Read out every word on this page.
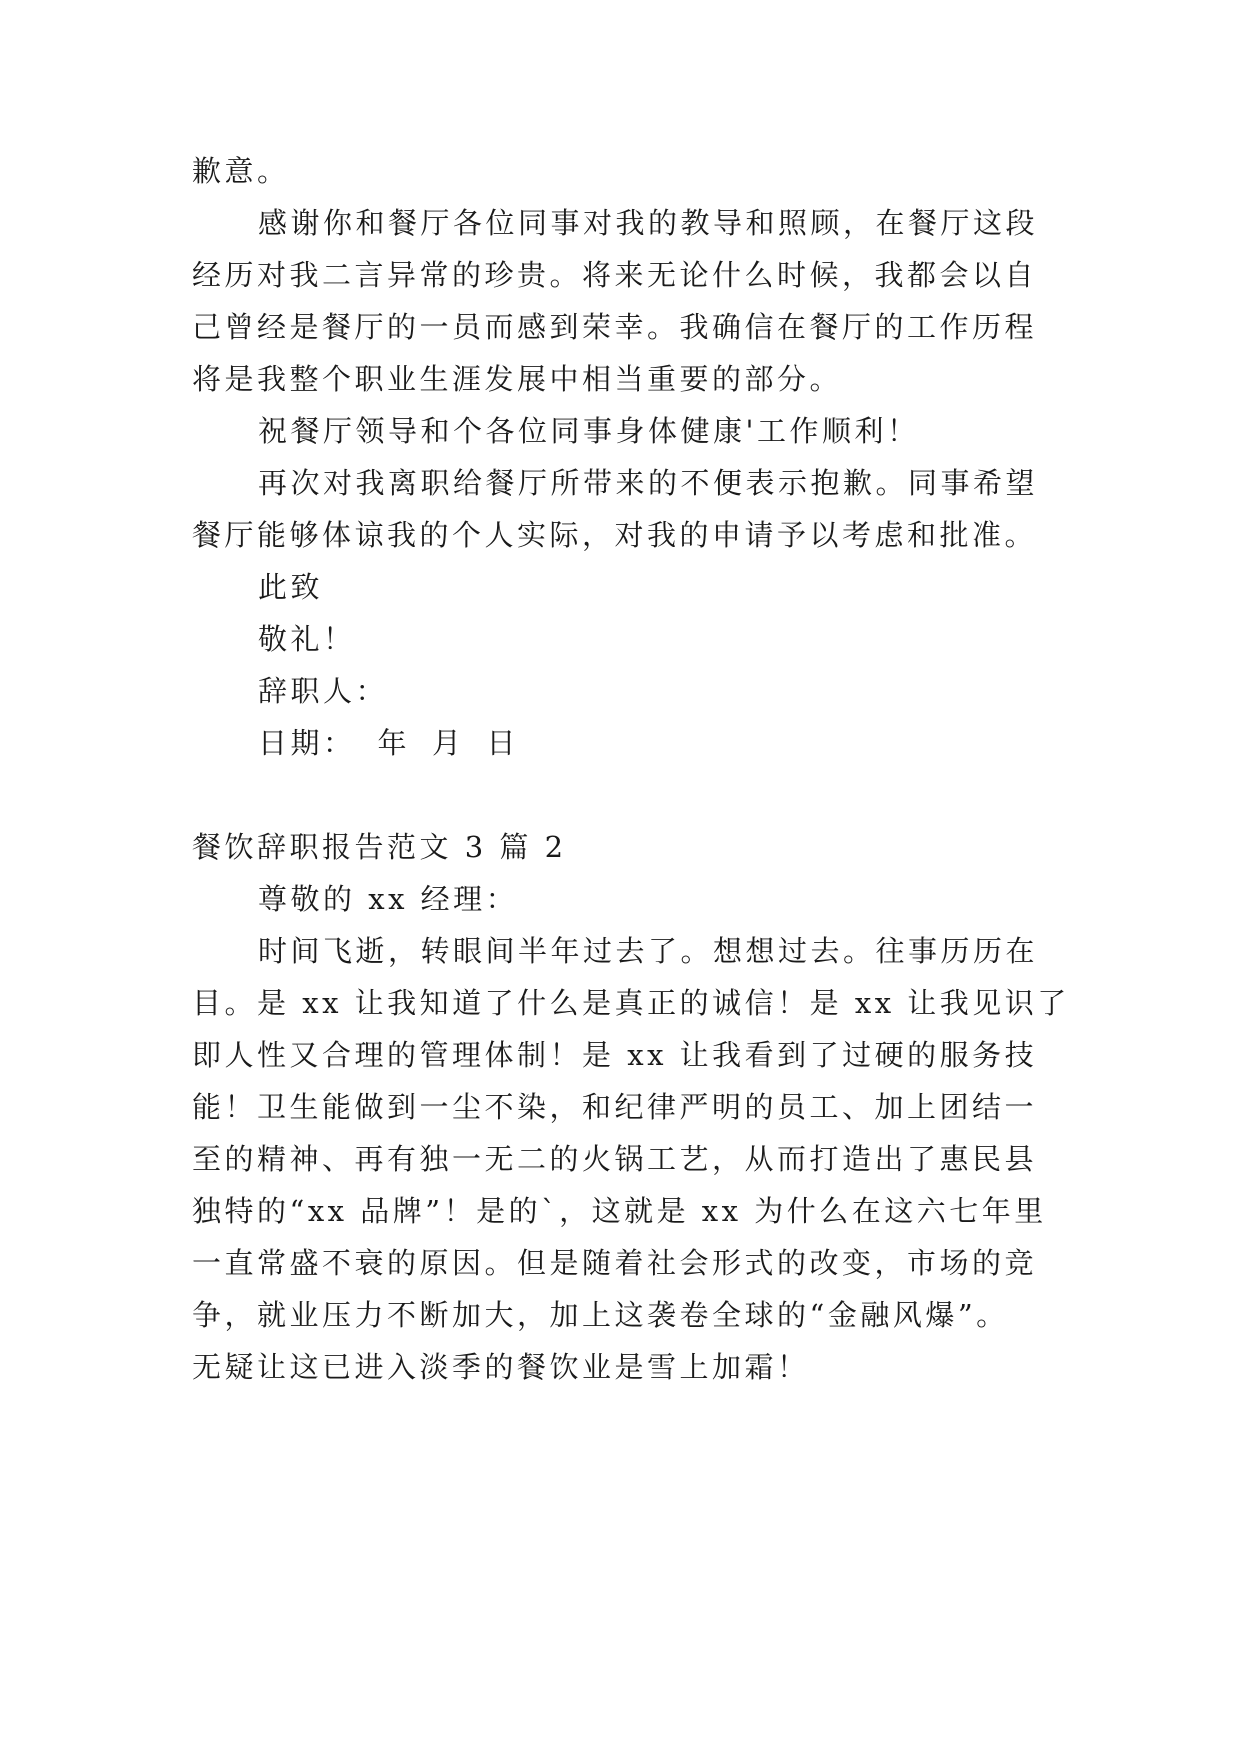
歉意。
感谢你和餐厅各位同事对我的教导和照顾，在餐厅这段
经历对我二言异常的珍贵。将来无论什么时候，我都会以自
己曾经是餐厅的一员而感到荣幸。我确信在餐厅的工作历程
将是我整个职业生涯发展中相当重要的部分。
祝餐厅领导和个各位同事身体健康'工作顺利！
再次对我离职给餐厅所带来的不便表示抱歉。同事希望
餐厅能够体谅我的个人实际，对我的申请予以考虑和批准。
此致
敬礼！
辞职人：
日期： 年 月 日
餐饮辞职报告范文 3 篇 2
尊敬的 xx 经理：
时间飞逝，转眼间半年过去了。想想过去。往事历历在
目。是 xx 让我知道了什么是真正的诚信！是 xx 让我见识了
即人性又合理的管理体制！是 xx 让我看到了过硬的服务技
能！卫生能做到一尘不染，和纪律严明的员工、加上团结一
至的精神、再有独一无二的火锅工艺，从而打造出了惠民县
独特的“xx 品牌”！是的`，这就是 xx 为什么在这六七年里
一直常盛不衰的原因。但是随着社会形式的改变，市场的竞
争，就业压力不断加大，加上这袭卷全球的“金融风爆”。
无疑让这已进入淡季的餐饮业是雪上加霜！
